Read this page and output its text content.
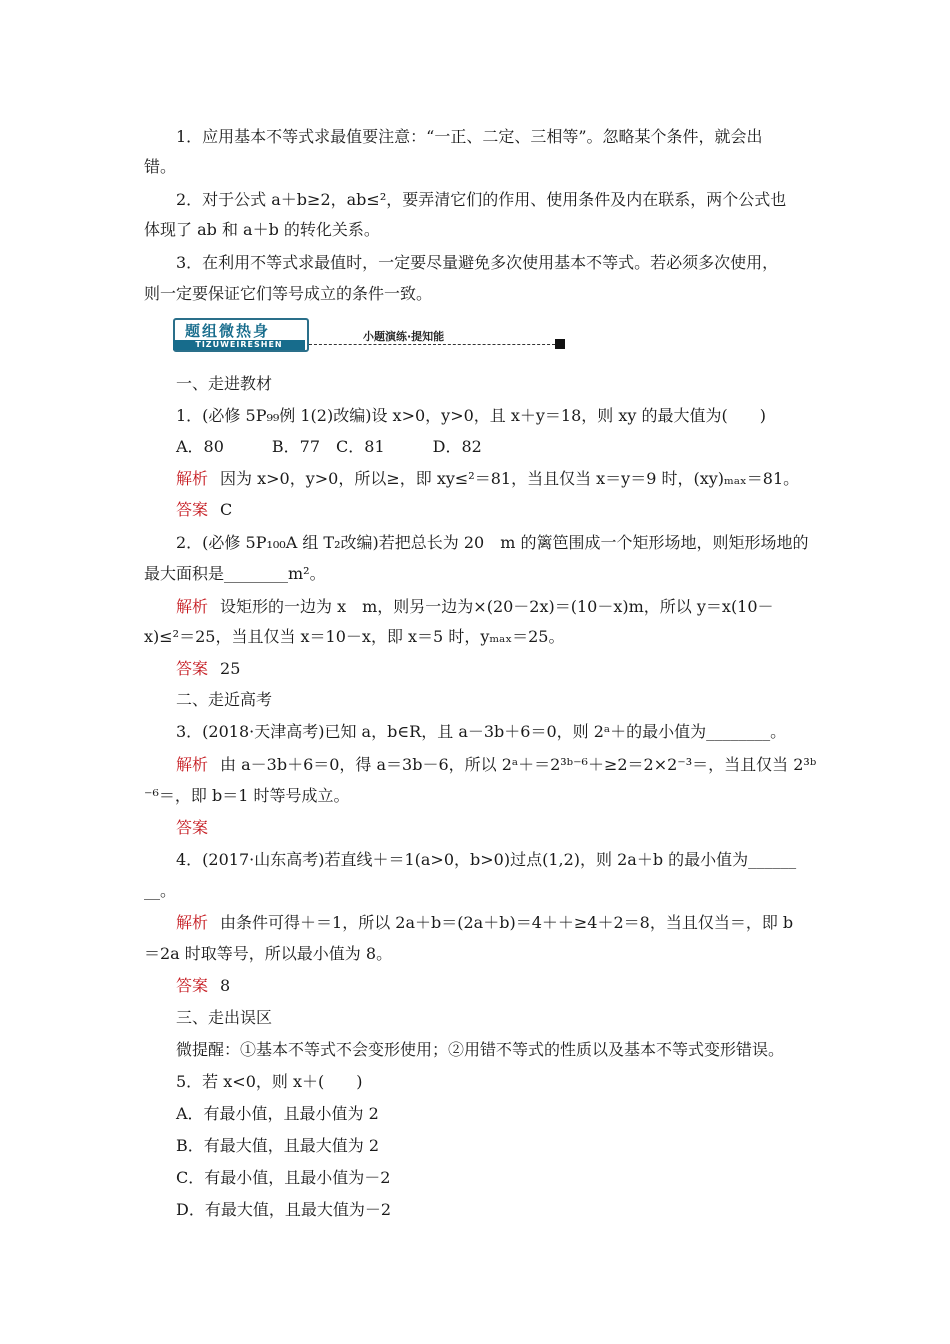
1．应用基本不等式求最值要注意：“一正、二定、三相等”。忽略某个条件，就会出
错。
2．对于公式 a＋b≥2，ab≤²，要弄清它们的作用、使用条件及内在联系，两个公式也
体现了 ab 和 a＋b 的转化关系。
3．在利用不等式求最值时，一定要尽量避免多次使用基本不等式。若必须多次使用，
则一定要保证它们等号成立的条件一致。
题组微热身
TIZUWEIRESHEN
小题演练·提知能
一、走进教材
1．(必修 5P₉₉例 1(2)改编)设 x>0，y>0，且 x＋y＝18，则 xy 的最大值为(　　)
A．80　　　B．77　C．81　　　D．82
解析 因为 x>0，y>0，所以≥，即 xy≤²＝81，当且仅当 x＝y＝9 时，(xy)ₘₐₓ＝81。
答案 C
2．(必修 5P₁₀₀A 组 T₂改编)若把总长为 20　m 的篱笆围成一个矩形场地，则矩形场地的
最大面积是________m²。
解析 设矩形的一边为 x　m，则另一边为×(20－2x)＝(10－x)m，所以 y＝x(10－
x)≤²＝25，当且仅当 x＝10－x，即 x＝5 时，yₘₐₓ＝25。
答案 25
二、走近高考
3．(2018·天津高考)已知 a，b∈R，且 a－3b＋6＝0，则 2ᵃ＋的最小值为________。
解析 由 a－3b＋6＝0，得 a＝3b－6，所以 2ᵃ＋＝2³ᵇ⁻⁶＋≥2＝2×2⁻³＝，当且仅当 2³ᵇ
⁻⁶＝，即 b＝1 时等号成立。
答案
4．(2017·山东高考)若直线＋＝1(a>0，b>0)过点(1,2)，则 2a＋b 的最小值为______
__。
解析 由条件可得＋＝1，所以 2a＋b＝(2a＋b)＝4＋＋≥4＋2＝8，当且仅当＝，即 b
＝2a 时取等号，所以最小值为 8。
答案 8
三、走出误区
微提醒：①基本不等式不会变形使用；②用错不等式的性质以及基本不等式变形错误。
5．若 x<0，则 x＋(　　)
A．有最小值，且最小值为 2
B．有最大值，且最大值为 2
C．有最小值，且最小值为－2
D．有最大值，且最大值为－2
